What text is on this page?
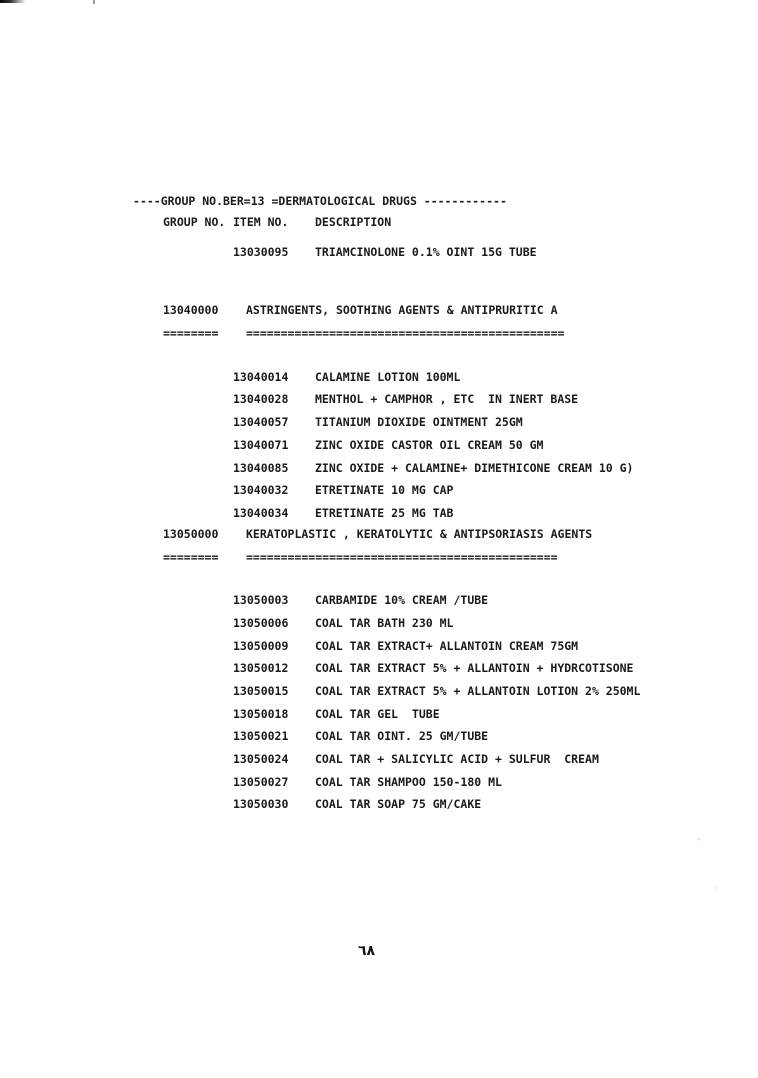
----GROUP NO.BER=13 =DERMATOLOGICAL DRUGS ------------
GROUP NO. ITEM NO. DESCRIPTION
13030095 TRIAMCINOLONE 0.1% OINT 15G TUBE
13040000 ASTRINGENTS, SOOTHING AGENTS & ANTIPRURITIC A
======== ==============================================
13040014 CALAMINE LOTION 100ML
13040028 MENTHOL + CAMPHOR , ETC  IN INERT BASE
13040057 TITANIUM DIOXIDE OINTMENT 25GM
13040071 ZINC OXIDE CASTOR OIL CREAM 50 GM
13040085 ZINC OXIDE + CALAMINE+ DIMETHICONE CREAM 10 G)
13040032 ETRETINATE 10 MG CAP
13040034 ETRETINATE 25 MG TAB
13050000 KERATOPLASTIC , KERATOLYTIC & ANTIPSORIASIS AGENTS
======== =============================================
13050003 CARBAMIDE 10% CREAM /TUBE
13050006 COAL TAR BATH 230 ML
13050009 COAL TAR EXTRACT+ ALLANTOIN CREAM 75GM
13050012 COAL TAR EXTRACT 5% + ALLANTOIN + HYDRCOTISONE
13050015 COAL TAR EXTRACT 5% + ALLANTOIN LOTION 2% 250ML
13050018 COAL TAR GEL  TUBE
13050021 COAL TAR OINT. 25 GM/TUBE
13050024 COAL TAR + SALICYLIC ACID + SULFUR  CREAM
13050027 COAL TAR SHAMPOO 150-180 ML
13050030 COAL TAR SOAP 75 GM/CAKE
٦٨
